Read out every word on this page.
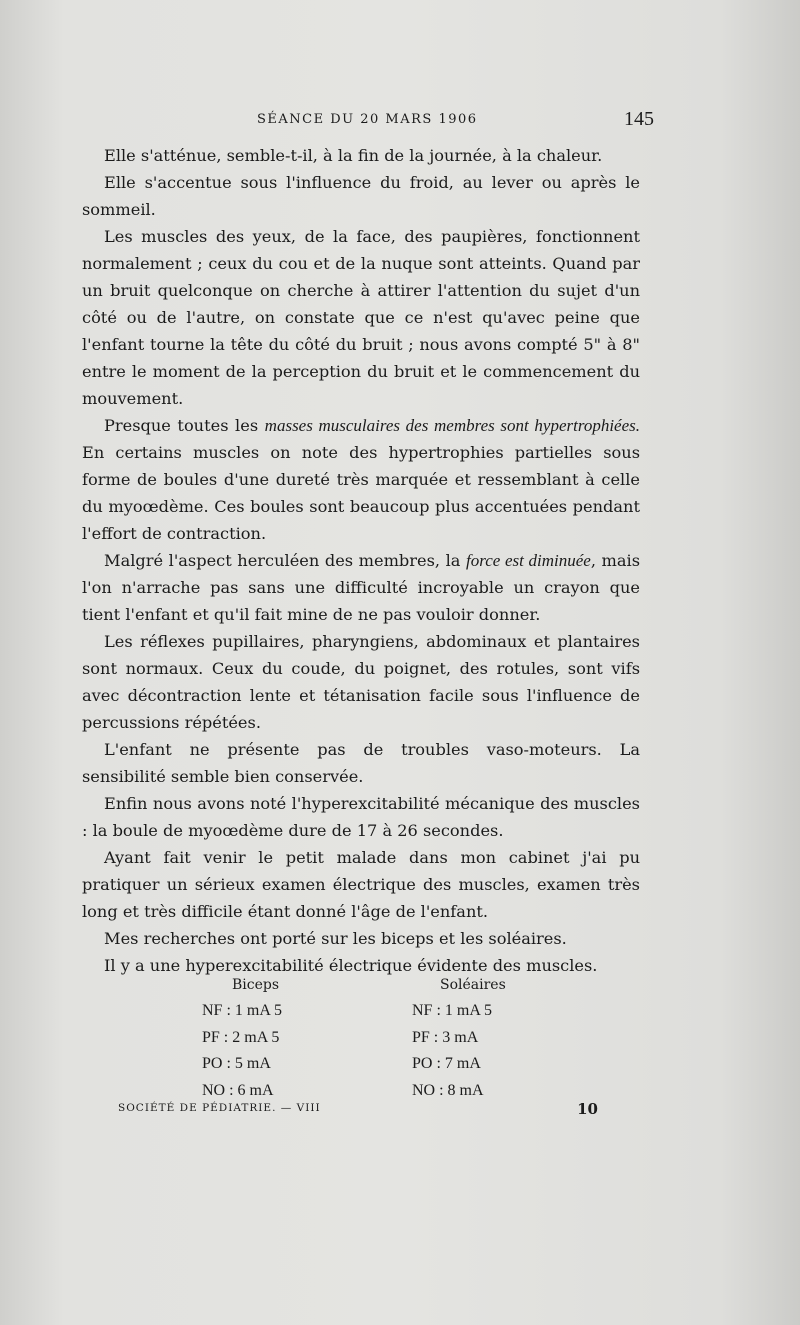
SÉANCE DU 20 MARS 1906	145

Elle s'atténue, semble-t-il, à la fin de la journée, à la chaleur.

Elle s'accentue sous l'influence du froid, au lever ou après le sommeil.

Les muscles des yeux, de la face, des paupières, fonctionnent normalement ; ceux du cou et de la nuque sont atteints. Quand par un bruit quelconque on cherche à attirer l'attention du sujet d'un côté ou de l'autre, on constate que ce n'est qu'avec peine que l'enfant tourne la tête du côté du bruit ; nous avons compté 5" à 8" entre le moment de la perception du bruit et le commencement du mouvement.

Presque toutes les masses musculaires des membres sont hypertrophiées. En certains muscles on note des hypertrophies partielles sous forme de boules d'une dureté très marquée et ressemblant à celle du myoœdème. Ces boules sont beaucoup plus accentuées pendant l'effort de contraction.

Malgré l'aspect herculéen des membres, la force est diminuée, mais l'on n'arrache pas sans une difficulté incroyable un crayon que tient l'enfant et qu'il fait mine de ne pas vouloir donner.

Les réflexes pupillaires, pharyngiens, abdominaux et plantaires sont normaux. Ceux du coude, du poignet, des rotules, sont vifs avec décontraction lente et tétanisation facile sous l'influence de percussions répétées.

L'enfant ne présente pas de troubles vaso-moteurs. La sensibilité semble bien conservée.

Enfin nous avons noté l'hyperexcitabilité mécanique des muscles : la boule de myoœdème dure de 17 à 26 secondes.

Ayant fait venir le petit malade dans mon cabinet j'ai pu pratiquer un sérieux examen électrique des muscles, examen très long et très difficile étant donné l'âge de l'enfant.

Mes recherches ont porté sur les biceps et les soléaires.

Il y a une hyperexcitabilité électrique évidente des muscles.

Biceps
NF : 1 mA 5
PF : 2 mA 5
PO : 5 mA
NO : 6 mA
Soléaires
NF : 1 mA 5
PF : 3 mA
PO : 7 mA
NO : 8 mA
SOCIÉTÉ DE PÉDIATRIE. — VIII	10
